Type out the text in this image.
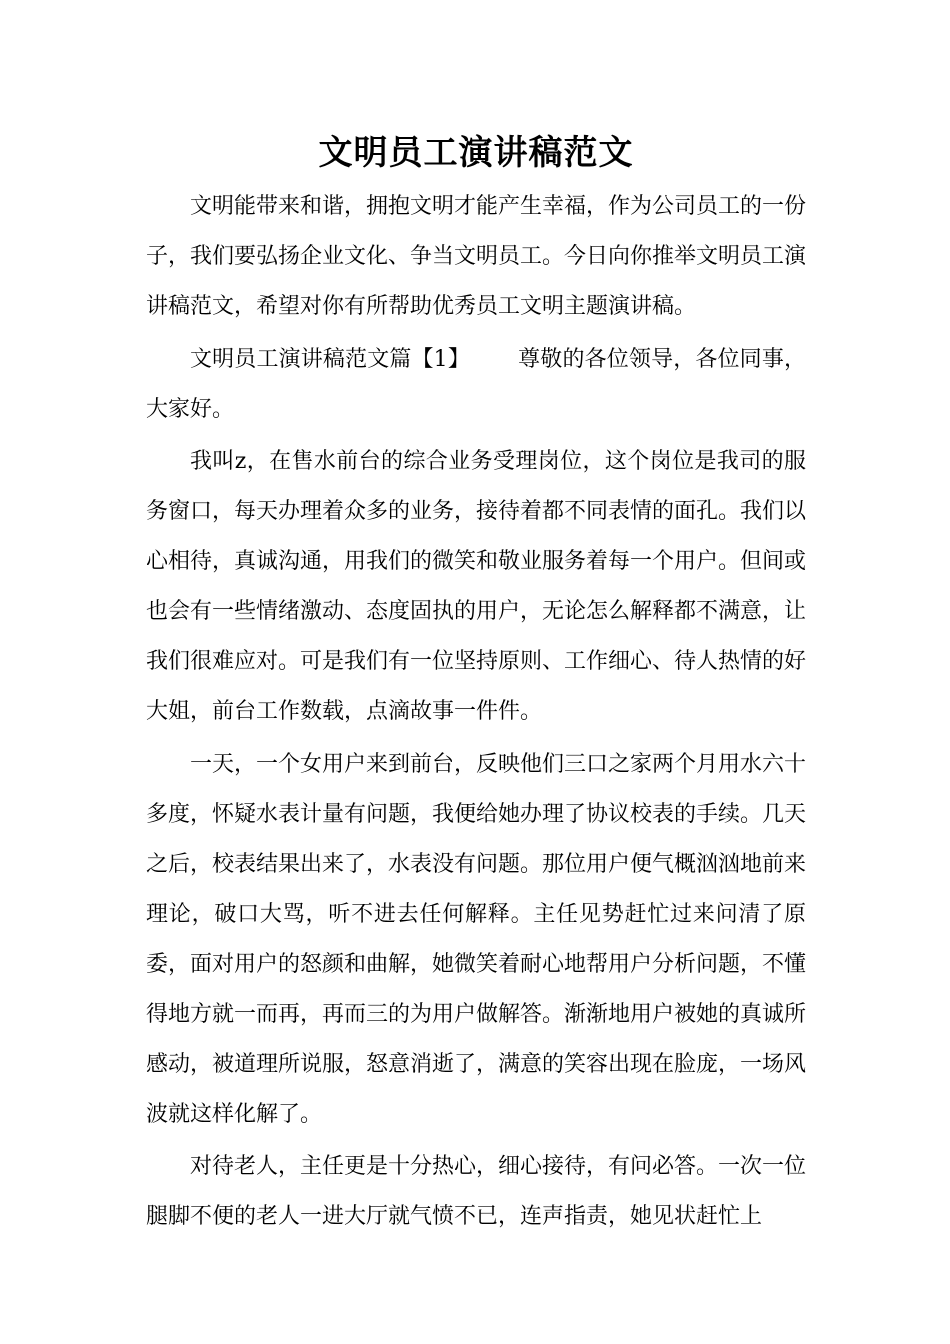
文明员工演讲稿范文

文明能带来和谐，拥抱文明才能产生幸福，作为公司员工的一份子，我们要弘扬企业文化、争当文明员工。今日向你推举文明员工演讲稿范文，希望对你有所帮助优秀员工文明主题演讲稿。

文明员工演讲稿范文篇【1】 尊敬的各位领导，各位同事，大家好。

我叫z，在售水前台的综合业务受理岗位，这个岗位是我司的服务窗口，每天办理着众多的业务，接待着都不同表情的面孔。我们以心相待，真诚沟通，用我们的微笑和敬业服务着每一个用户。但间或也会有一些情绪激动、态度固执的用户，无论怎么解释都不满意，让我们很难应对。可是我们有一位坚持原则、工作细心、待人热情的好大姐，前台工作数载，点滴故事一件件。

一天，一个女用户来到前台，反映他们三口之家两个月用水六十多度，怀疑水表计量有问题，我便给她办理了协议校表的手续。几天之后，校表结果出来了，水表没有问题。那位用户便气概汹汹地前来理论，破口大骂，听不进去任何解释。主任见势赶忙过来问清了原委，面对用户的怒颜和曲解，她微笑着耐心地帮用户分析问题，不懂得地方就一而再，再而三的为用户做解答。渐渐地用户被她的真诚所感动，被道理所说服，怒意消逝了，满意的笑容出现在脸庞，一场风波就这样化解了。

对待老人，主任更是十分热心，细心接待，有问必答。一次一位腿脚不便的老人一进大厅就气愤不已，连声指责，她见状赶忙上
